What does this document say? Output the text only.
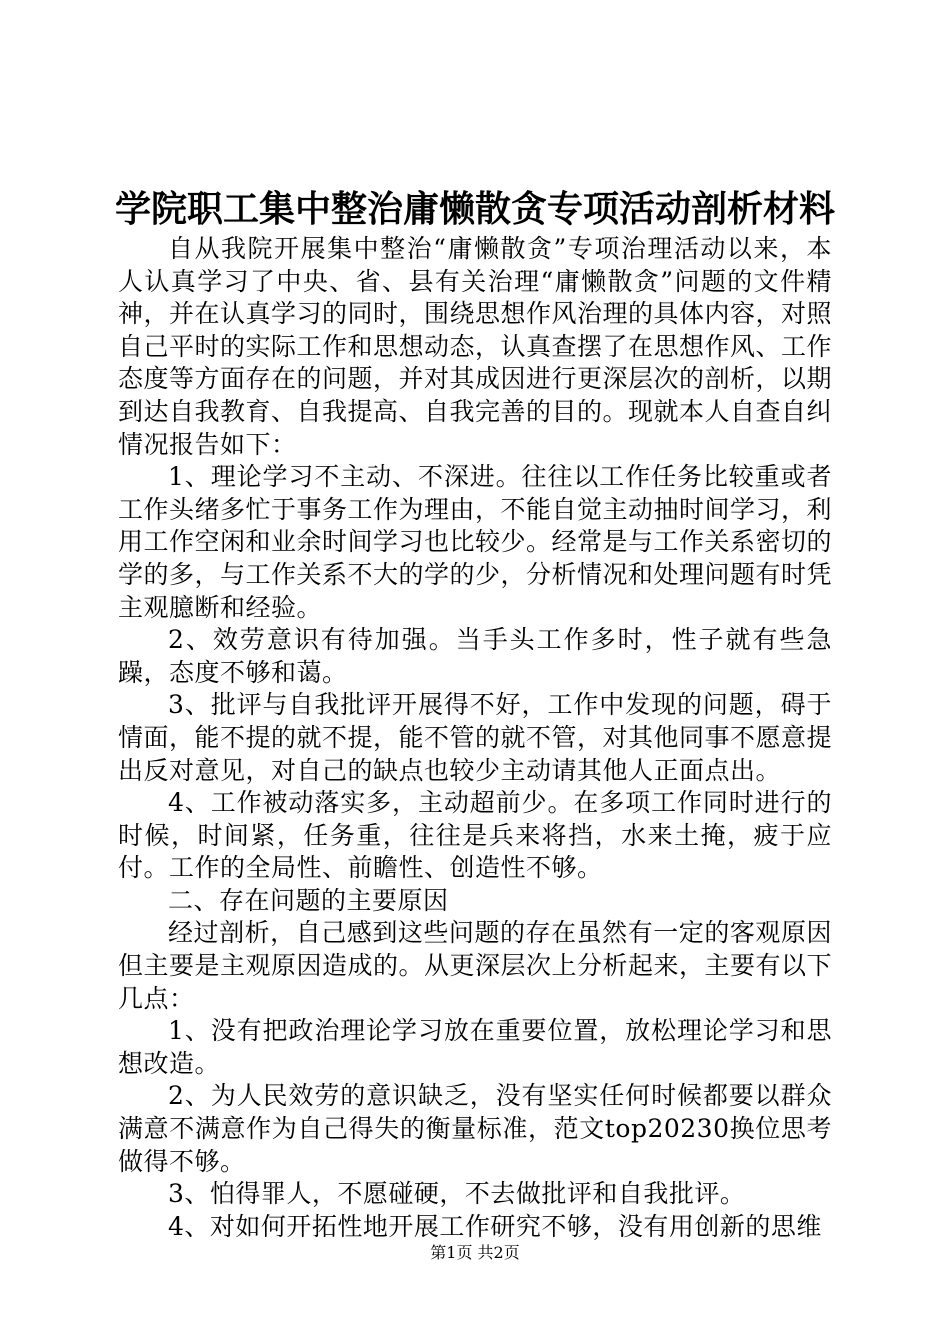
学院职工集中整治庸懒散贪专项活动剖析材料

自从我院开展集中整治“庸懒散贪”专项治理活动以来，本人认真学习了中央、省、县有关治理“庸懒散贪”问题的文件精神，并在认真学习的同时，围绕思想作风治理的具体内容，对照自己平时的实际工作和思想动态，认真查摆了在思想作风、工作态度等方面存在的问题，并对其成因进行更深层次的剖析，以期到达自我教育、自我提高、自我完善的目的。现就本人自查自纠情况报告如下：

1、理论学习不主动、不深进。往往以工作任务比较重或者工作头绪多忙于事务工作为理由，不能自觉主动抽时间学习，利用工作空闲和业余时间学习也比较少。经常是与工作关系密切的学的多，与工作关系不大的学的少，分析情况和处理问题有时凭主观臆断和经验。

2、效劳意识有待加强。当手头工作多时，性子就有些急躁，态度不够和蔼。

3、批评与自我批评开展得不好，工作中发现的问题，碍于情面，能不提的就不提，能不管的就不管，对其他同事不愿意提出反对意见，对自己的缺点也较少主动请其他人正面点出。

4、工作被动落实多，主动超前少。在多项工作同时进行的时候，时间紧，任务重，往往是兵来将挡，水来土掩，疲于应付。工作的全局性、前瞻性、创造性不够。

二、存在问题的主要原因

经过剖析，自己感到这些问题的存在虽然有一定的客观原因但主要是主观原因造成的。从更深层次上分析起来，主要有以下几点：

1、没有把政治理论学习放在重要位置，放松理论学习和思想改造。

2、为人民效劳的意识缺乏，没有坚实任何时候都要以群众满意不满意作为自己得失的衡量标准，范文top20230换位思考做得不够。

3、怕得罪人，不愿碰硬，不去做批评和自我批评。

4、对如何开拓性地开展工作研究不够，没有用创新的思维

第1页 共2页
